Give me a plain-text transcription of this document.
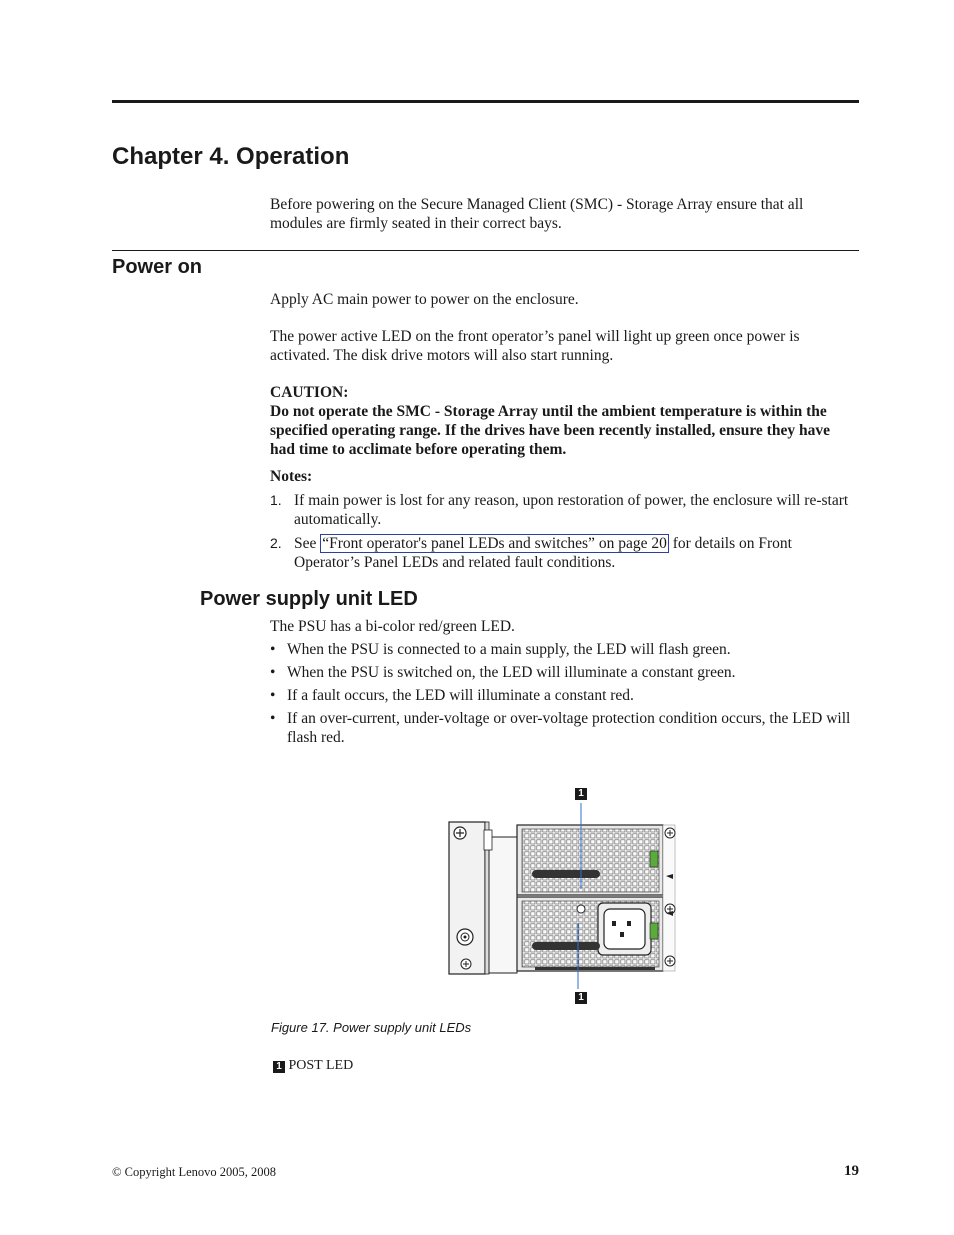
Chapter 4. Operation

Before powering on the Secure Managed Client (SMC) - Storage Array ensure that all modules are firmly seated in their correct bays.

Power on

Apply AC main power to power on the enclosure.

The power active LED on the front operator’s panel will light up green once power is activated. The disk drive motors will also start running.

CAUTION:

Do not operate the SMC - Storage Array until the ambient temperature is within the specified operating range. If the drives have been recently installed, ensure they have had time to acclimate before operating them.

Notes:

1. If main power is lost for any reason, upon restoration of power, the enclosure will re-start automatically.
2. See “Front operator's panel LEDs and switches” on page 20 for details on Front Operator’s Panel LEDs and related fault conditions.
Power supply unit LED

The PSU has a bi-color red/green LED.

• When the PSU is connected to a main supply, the LED will flash green.
• When the PSU is switched on, the LED will illuminate a constant green.
• If a fault occurs, the LED will illuminate a constant red.
• If an over-current, under-voltage or over-voltage protection condition occurs, the LED will flash red.
1
1
Figure 17. Power supply unit LEDs
1 POST LED
© Copyright Lenovo 2005, 2008	19
